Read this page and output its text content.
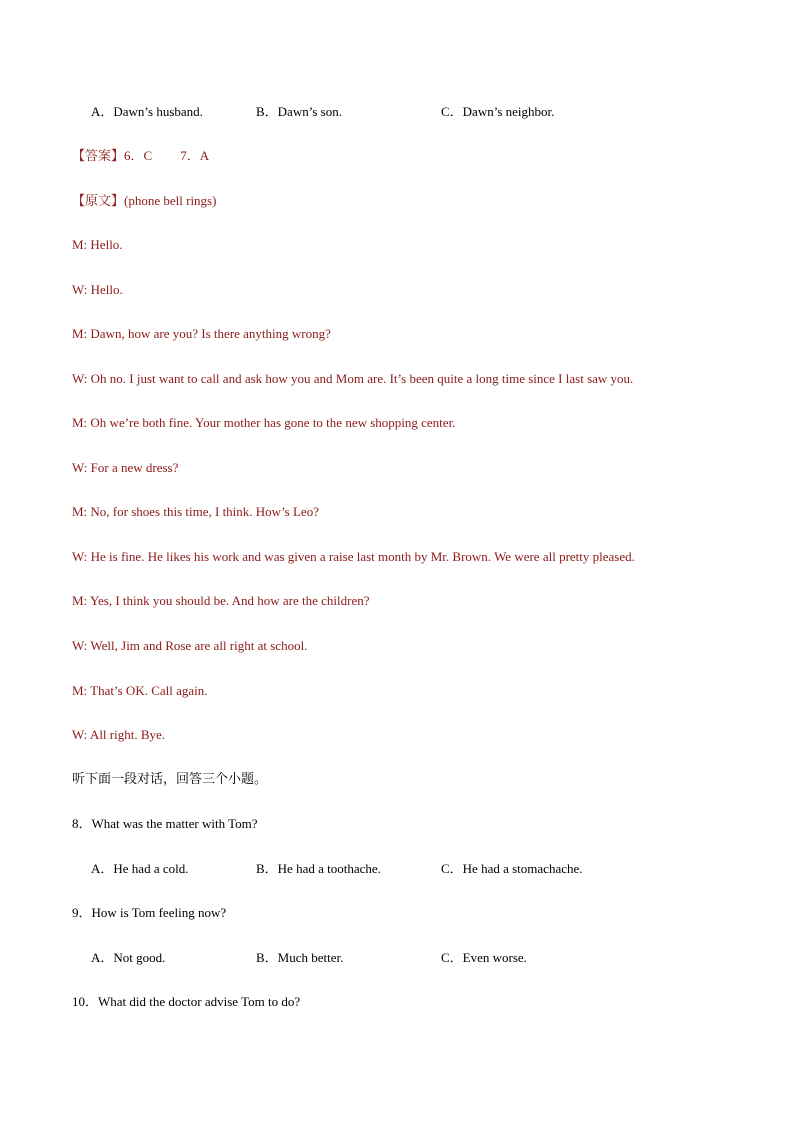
A．Dawn’s husband.	B．Dawn’s son.	C．Dawn’s neighbor.
【答案】6．C 7．A
【原文】(phone bell rings)
M: Hello.
W: Hello.
M: Dawn, how are you? Is there anything wrong?
W: Oh no. I just want to call and ask how you and Mom are. It’s been quite a long time since I last saw you.
M: Oh we’re both fine. Your mother has gone to the new shopping center.
W: For a new dress?
M: No, for shoes this time, I think. How’s Leo?
W: He is fine. He likes his work and was given a raise last month by Mr. Brown. We were all pretty pleased.
M: Yes, I think you should be. And how are the children?
W: Well, Jim and Rose are all right at school.
M: That’s OK. Call again.
W: All right. Bye.
听下面一段对话，回答三个小题。
8．What was the matter with Tom?
A．He had a cold.	B．He had a toothache.	C．He had a stomachache.
9．How is Tom feeling now?
A．Not good.	B．Much better.	C．Even worse.
10．What did the doctor advise Tom to do?
